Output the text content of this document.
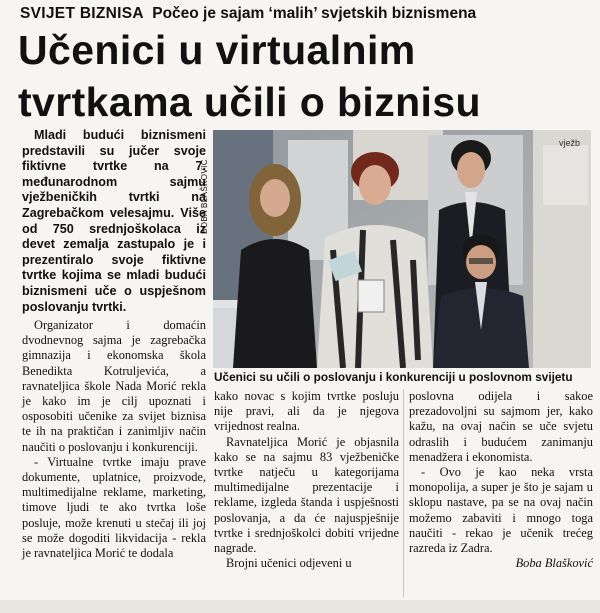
SVIJET BIZNISA Počeo je sajam ‘malih’ svjetskih biznismena
Učenici u virtualnim
tvrtkama učili o biznisu

Mladi budući biznismeni predstavili su jučer svoje fiktivne tvrtke na 7. međunarodnom sajmu vježbeničkih tvrtki na Zagrebačkom velesajmu. Više od 750 srednjoškolaca iz devet zemalja zastupalo je i prezentiralo svoje fiktivne tvrtke kojima se mladi budući biznismeni uče o uspješnom poslovanju tvrtki.

Organizator i domaćin dvodnevnog sajma je zagrebačka gimnazija i ekonomska škola Benedikta Kotruljevića, a ravnateljica škole Nada Morić rekla je kako im je cilj upoznati i osposobiti učenike za svijet biznisa te ih na praktičan i zanimljiv način naučiti o poslovanju i konkurenciji.

- Virtualne tvrtke imaju prave dokumente, uplatnice, proizvode, multimedijalne reklame, marketing, timove ljudi te ako tvrtka loše posluje, može krenuti u stečaj ili joj se može dogoditi likvidacija - rekla je ravnateljica Morić te dodala

BOBA BLAŠKOVIĆ
vježb
Učenici su učili o poslovanju i konkurenciji u poslovnom svijetu

kako novac s kojim tvrtke posluju nije pravi, ali da je njegova vrijednost realna.

Ravnateljica Morić je objasnila kako se na sajmu 83 vježbeničke tvrtke natječu u kategorijama multimedijalne prezentacije i reklame, izgleda štanda i uspješnosti poslovanja, a da će najuspješnije tvrtke i srednjoškolci dobiti vrijedne nagrade.

Brojni učenici odjeveni u

poslovna odijela i sakoe prezadovoljni su sajmom jer, kako kažu, na ovaj način se uče svjetu odraslih i budućem zanimanju menadžera i ekonomista.

- Ovo je kao neka vrsta monopolija, a super je što je sajam u sklopu nastave, pa se na ovaj način možemo zabaviti i mnogo toga naučiti - rekao je učenik trećeg razreda iz Zadra.

Boba Blašković
